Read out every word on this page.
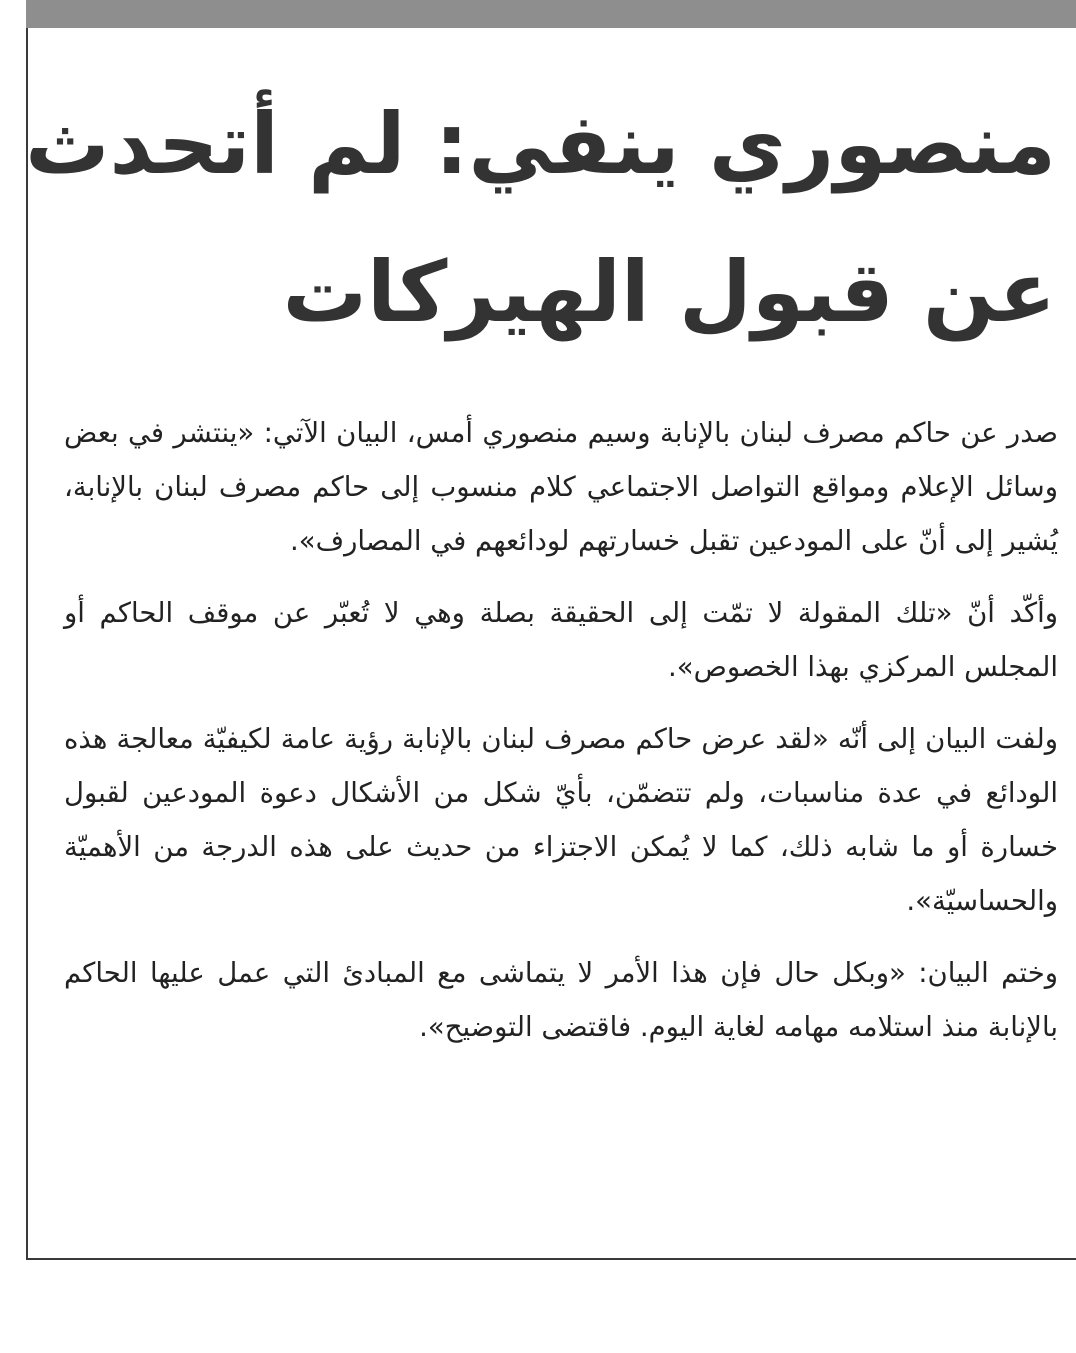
منصوري ينفي: لم أتحدث
عن قبول الهيركات

صدر عن حاكم مصرف لبنان بالإنابة وسيم منصوري أمس، البيان الآتي: «ينتشر في بعض وسائل الإعلام ومواقع التواصل الاجتماعي كلام منسوب إلى حاكم مصرف لبنان بالإنابة، يُشير إلى أنّ على المودعين تقبل خسارتهم لودائعهم في المصارف».

وأكّد أنّ «تلك المقولة لا تمّت إلى الحقيقة بصلة وهي لا تُعبّر عن موقف الحاكم أو المجلس المركزي بهذا الخصوص».

ولفت البيان إلى أنّه «لقد عرض حاكم مصرف لبنان بالإنابة رؤية عامة لكيفيّة معالجة هذه الودائع في عدة مناسبات، ولم تتضمّن، بأيّ شكل من الأشكال دعوة المودعين لقبول خسارة أو ما شابه ذلك، كما لا يُمكن الاجتزاء من حديث على هذه الدرجة من الأهميّة والحساسيّة».

وختم البيان: «وبكل حال فإن هذا الأمر لا يتماشى مع المبادئ التي عمل عليها الحاكم بالإنابة منذ استلامه مهامه لغاية اليوم. فاقتضى التوضيح».
